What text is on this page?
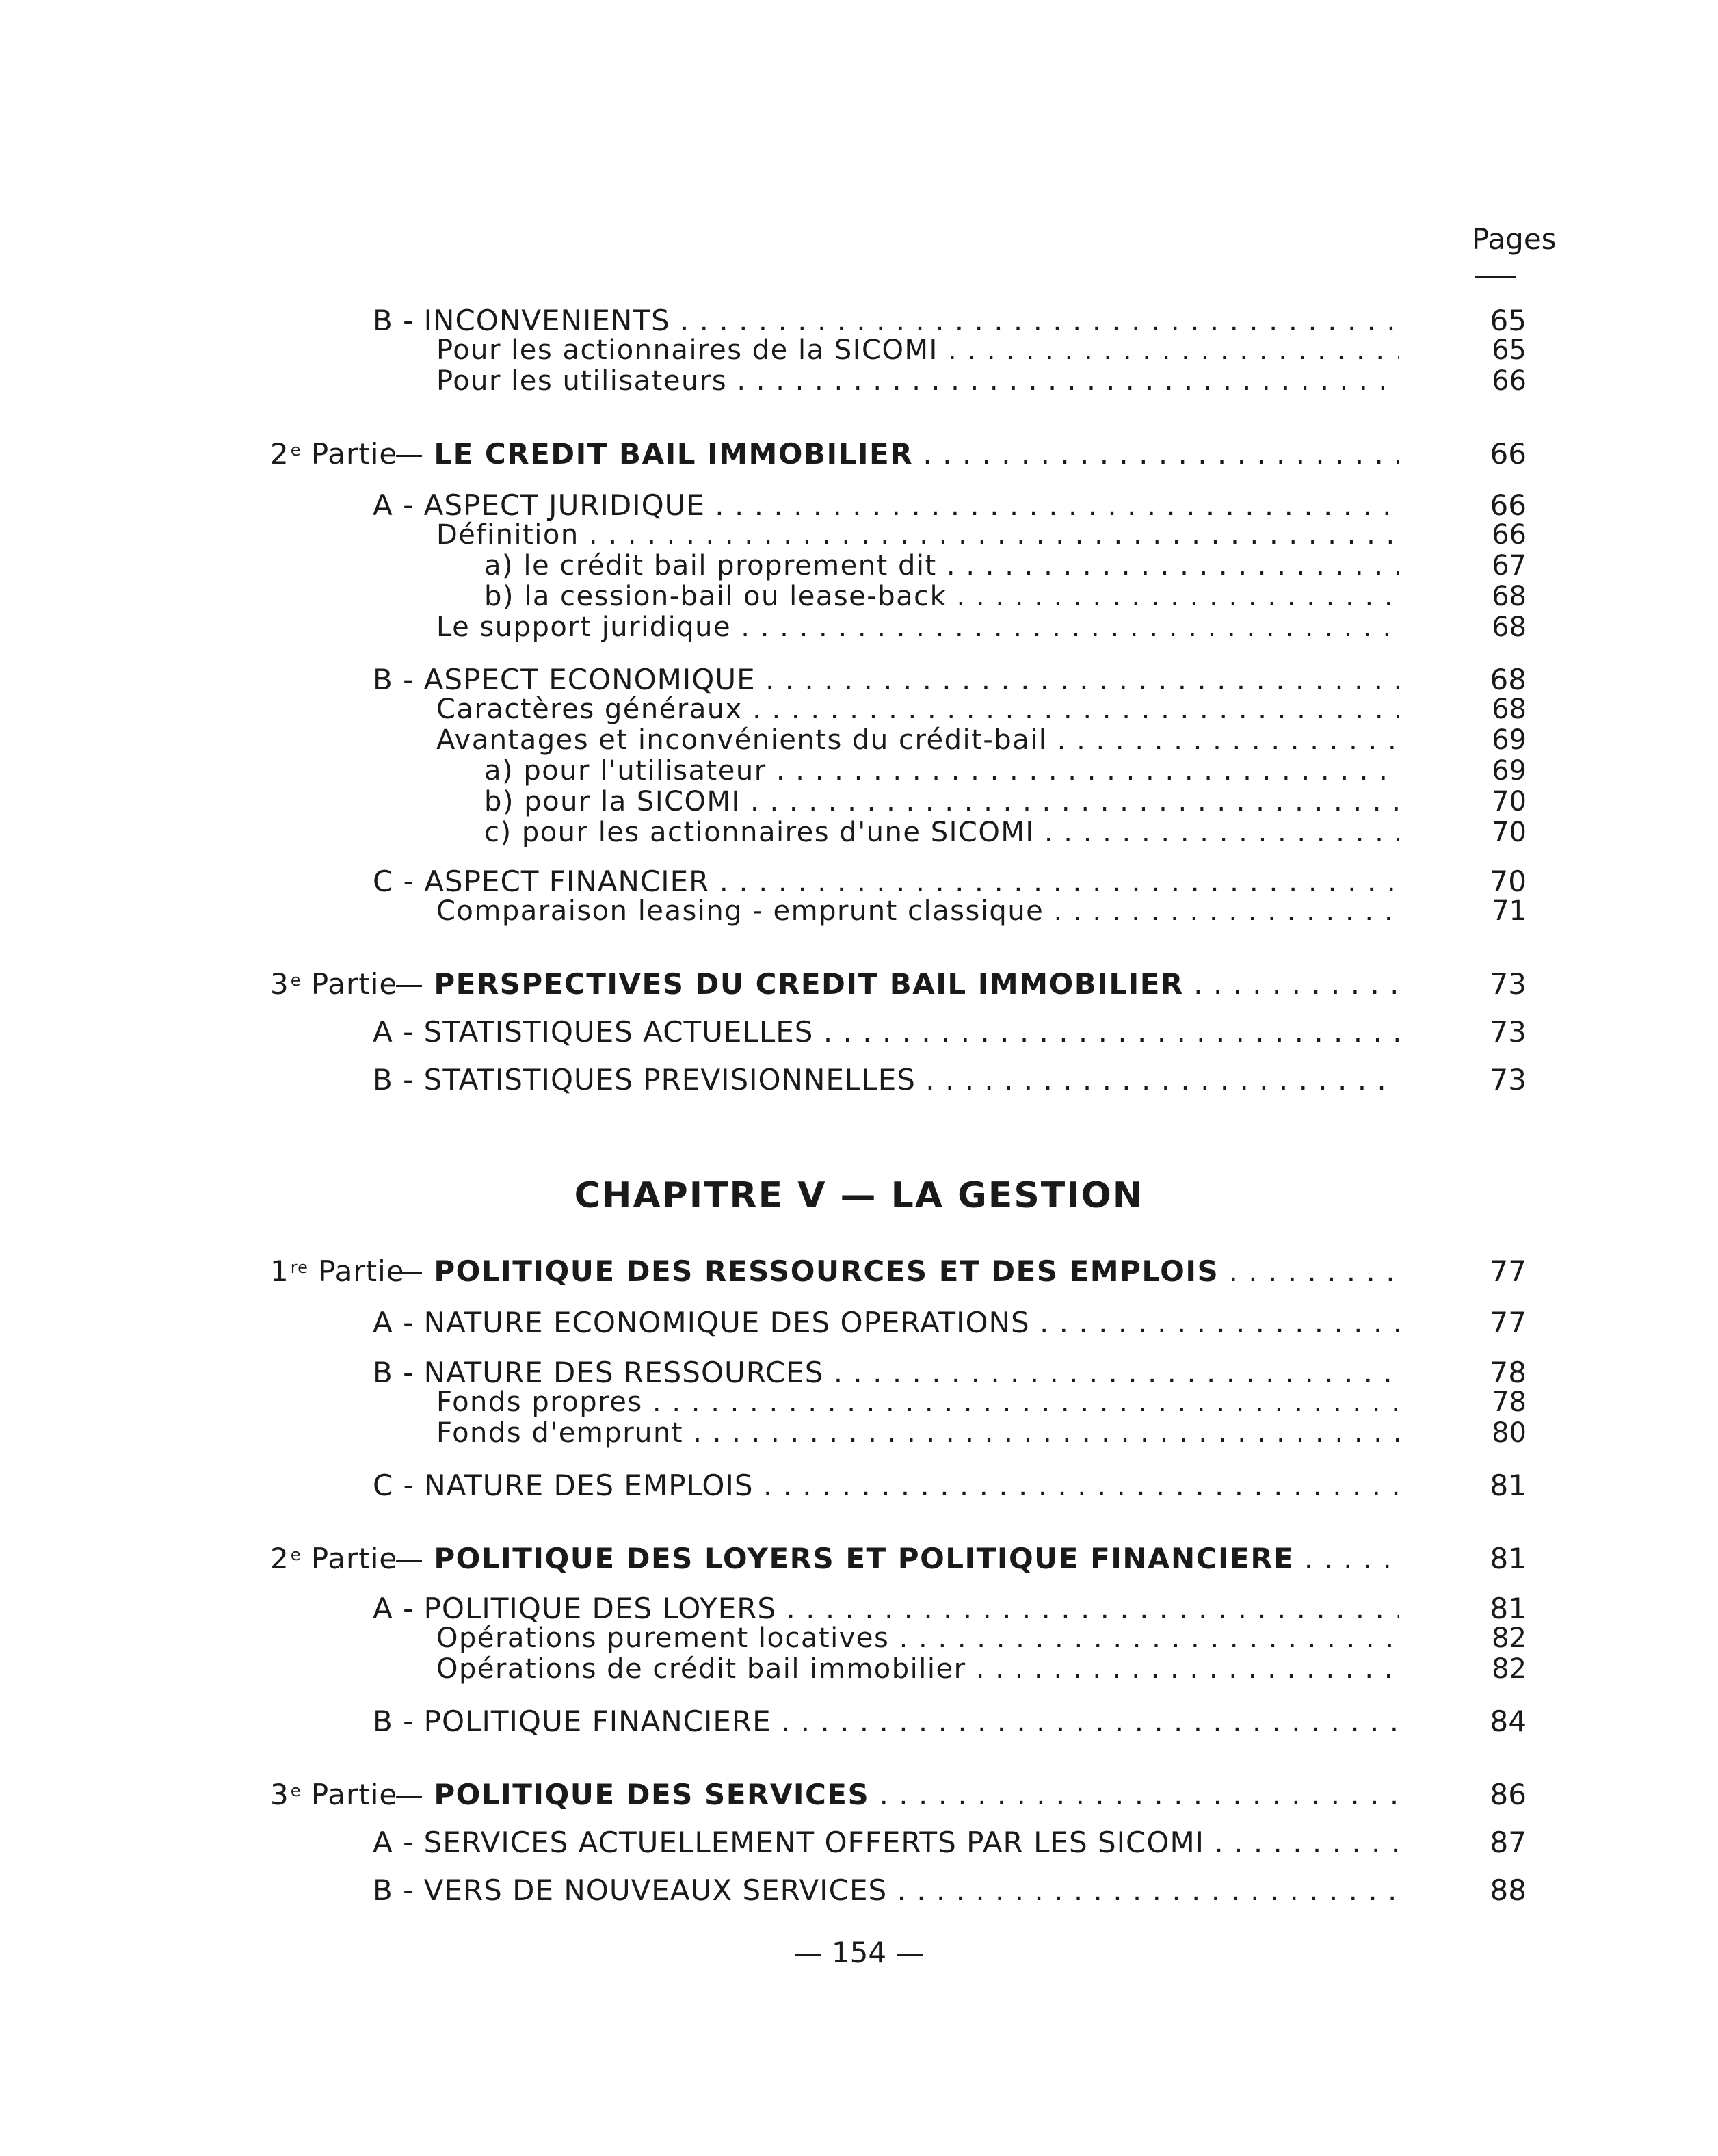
Pages
B - INCONVENIENTS . . .	65
Pour les actionnaires de la SICOMI . . .	65
Pour les utilisateurs . . .	66
2e Partie— LE CREDIT BAIL IMMOBILIER . . .	66
A - ASPECT JURIDIQUE . . .	66
Définition . . .	66
a) le crédit bail proprement dit . . .	67
b) la cession-bail ou lease-back . . .	68
Le support juridique . . .	68
B - ASPECT ECONOMIQUE . . .	68
Caractères généraux . . .	68
Avantages et inconvénients du crédit-bail . . .	69
a) pour l'utilisateur . . .	69
b) pour la SICOMI . . .	70
c) pour les actionnaires d'une SICOMI . . .	70
C - ASPECT FINANCIER . . .	70
Comparaison leasing - emprunt classique . . .	71
3e Partie— PERSPECTIVES DU CREDIT BAIL IMMOBILIER . . .	73
A - STATISTIQUES ACTUELLES . . .	73
B - STATISTIQUES PREVISIONNELLES . . .	73
CHAPITRE V — LA GESTION
1re Partie— POLITIQUE DES RESSOURCES ET DES EMPLOIS . . .	77
A - NATURE ECONOMIQUE DES OPERATIONS . . .	77
B - NATURE DES RESSOURCES . . .	78
Fonds propres . . .	78
Fonds d'emprunt . . .	80
C - NATURE DES EMPLOIS . . .	81
2e Partie— POLITIQUE DES LOYERS ET POLITIQUE FINANCIERE . . .	81
A - POLITIQUE DES LOYERS . . .	81
Opérations purement locatives . . .	82
Opérations de crédit bail immobilier . . .	82
B - POLITIQUE FINANCIERE . . .	84
3e Partie— POLITIQUE DES SERVICES . . .	86
A - SERVICES ACTUELLEMENT OFFERTS PAR LES SICOMI . . .	87
B - VERS DE NOUVEAUX SERVICES . . .	88
— 154 —
